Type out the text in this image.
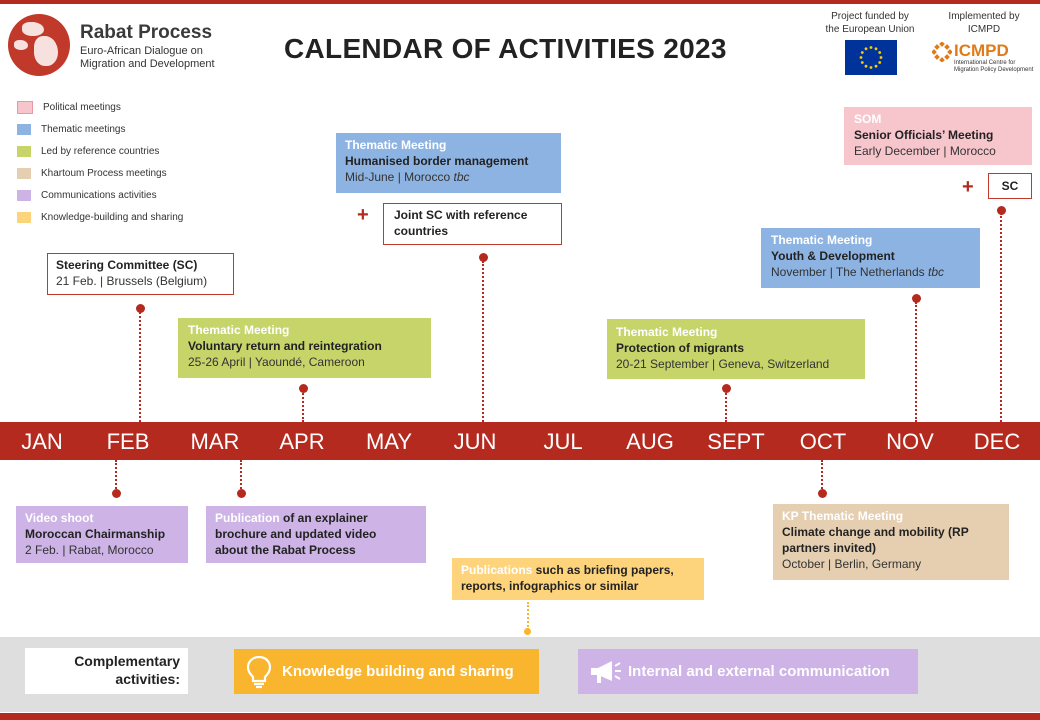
Rabat Process
Euro-African Dialogue on
Migration and Development CALENDAR OF ACTIVITIES 2023
Project funded by
the European Union
Implemented by
ICMPD
ICMPD
International Centre for
Migration Policy Development
Political meetings
Thematic meetings
Led by reference countries
Khartoum Process meetings
Communications activities
Knowledge-building and sharing
Steering Committee (SC)
21 Feb. | Brussels (Belgium)
Thematic Meeting
Voluntary return and reintegration
25-26 April | Yaoundé, Cameroon
Thematic Meeting
Humanised border management
Mid-June | Morocco tbc
+ Joint SC with reference
countries
Thematic Meeting
Protection of migrants
20-21 September | Geneva, Switzerland
Thematic Meeting
Youth & Development
November | The Netherlands tbc
SOM
Senior Officials’ Meeting
Early December | Morocco
+	SC
JAN FEB MAR APR MAY JUN JUL AUG SEPT OCT NOV DEC
Video shoot
Moroccan Chairmanship
2 Feb. | Rabat, Morocco
Publication of an explainer
brochure and updated video
about the Rabat Process
Publications such as briefing papers,
reports, infographics or similar
KP Thematic Meeting
Climate change and mobility (RP
partners invited)
October | Berlin, Germany
Complementary
activities:	Knowledge building and sharing	Internal and external communication
